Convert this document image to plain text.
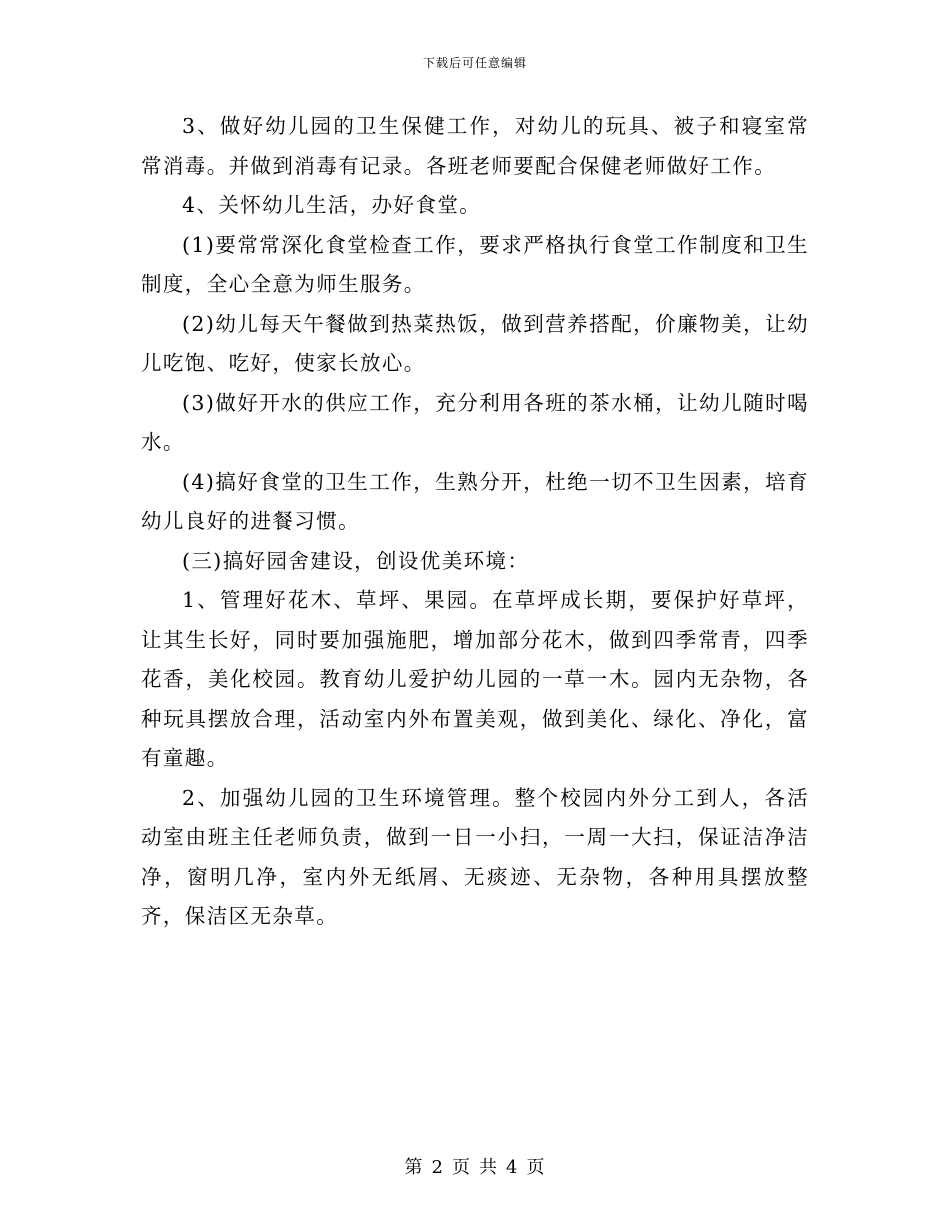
下载后可任意编辑

3、做好幼儿园的卫生保健工作，对幼儿的玩具、被子和寝室常常消毒。并做到消毒有记录。各班老师要配合保健老师做好工作。

4、关怀幼儿生活，办好食堂。

(1)要常常深化食堂检查工作，要求严格执行食堂工作制度和卫生制度，全心全意为师生服务。

(2)幼儿每天午餐做到热菜热饭，做到营养搭配，价廉物美，让幼儿吃饱、吃好，使家长放心。

(3)做好开水的供应工作，充分利用各班的茶水桶，让幼儿随时喝水。

(4)搞好食堂的卫生工作，生熟分开，杜绝一切不卫生因素，培育幼儿良好的进餐习惯。

(三)搞好园舍建设，创设优美环境：

1、管理好花木、草坪、果园。在草坪成长期，要保护好草坪，让其生长好，同时要加强施肥，增加部分花木，做到四季常青，四季花香，美化校园。教育幼儿爱护幼儿园的一草一木。园内无杂物，各种玩具摆放合理，活动室内外布置美观，做到美化、绿化、净化，富有童趣。

2、加强幼儿园的卫生环境管理。整个校园内外分工到人，各活动室由班主任老师负责，做到一日一小扫，一周一大扫，保证洁净洁净，窗明几净，室内外无纸屑、无痰迹、无杂物，各种用具摆放整齐，保洁区无杂草。

第 2 页 共 4 页
